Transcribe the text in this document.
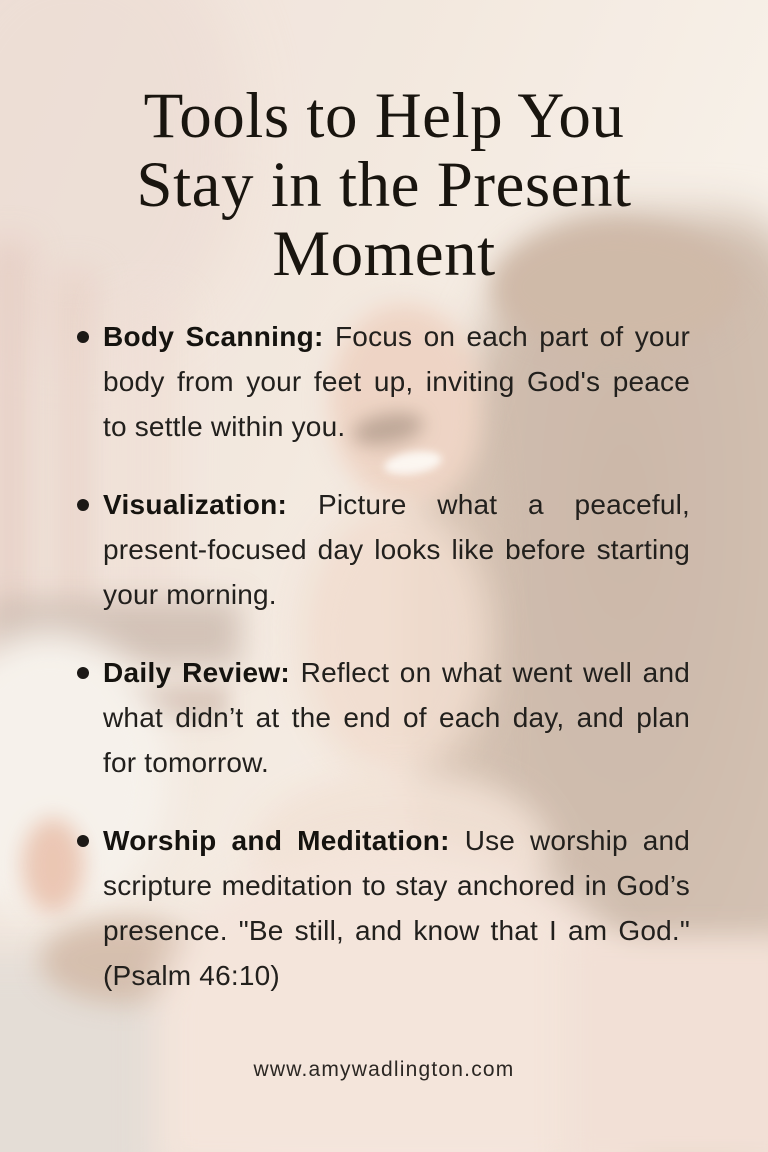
Tools to Help You
Stay in the Present
Moment

Body Scanning: Focus on each part of your body from your feet up, inviting God's peace to settle within you.

Visualization: Picture what a peaceful, present-focused day looks like before starting your morning.

Daily Review: Reflect on what went well and what didn’t at the end of each day, and plan for tomorrow.

Worship and Meditation: Use worship and scripture meditation to stay anchored in God’s presence. "Be still, and know that I am God." (Psalm 46:10)

www.amywadlington.com
